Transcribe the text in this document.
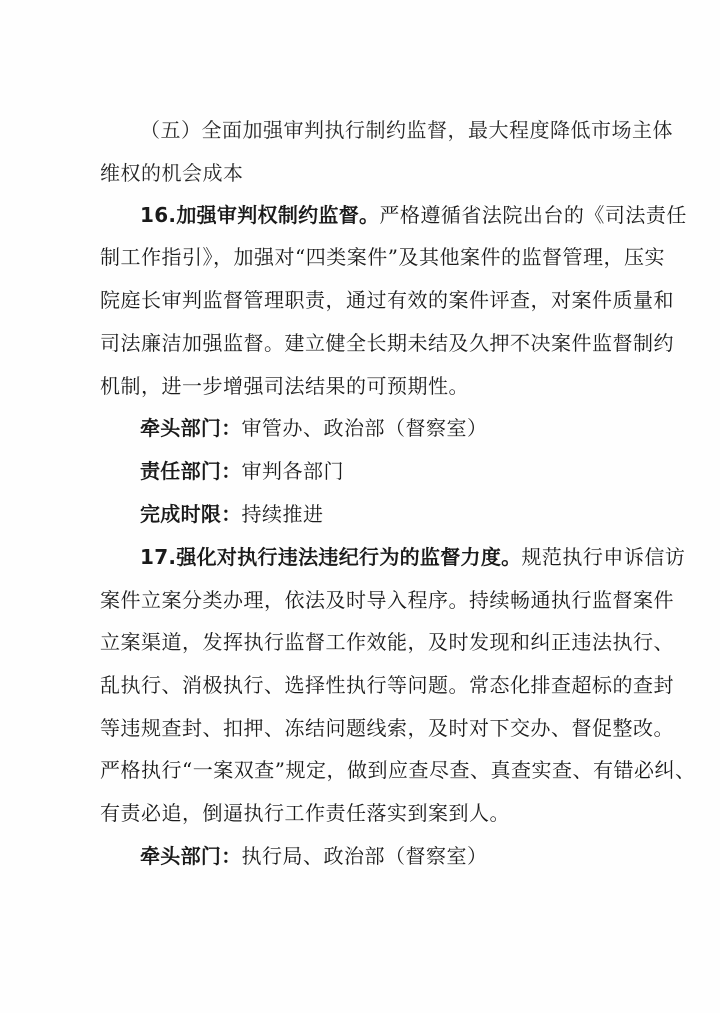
（五）全面加强审判执行制约监督，最大程度降低市场主体
维权的机会成本
16.加强审判权制约监督。严格遵循省法院出台的《司法责任
制工作指引》，加强对“四类案件”及其他案件的监督管理，压实
院庭长审判监督管理职责，通过有效的案件评查，对案件质量和
司法廉洁加强监督。建立健全长期未结及久押不决案件监督制约
机制，进一步增强司法结果的可预期性。
牵头部门：审管办、政治部（督察室）
责任部门：审判各部门
完成时限：持续推进
17.强化对执行违法违纪行为的监督力度。规范执行申诉信访
案件立案分类办理，依法及时导入程序。持续畅通执行监督案件
立案渠道，发挥执行监督工作效能，及时发现和纠正违法执行、
乱执行、消极执行、选择性执行等问题。常态化排查超标的查封
等违规查封、扣押、冻结问题线索，及时对下交办、督促整改。
严格执行“一案双查”规定，做到应查尽查、真查实查、有错必纠、
有责必追，倒逼执行工作责任落实到案到人。
牵头部门：执行局、政治部（督察室）
